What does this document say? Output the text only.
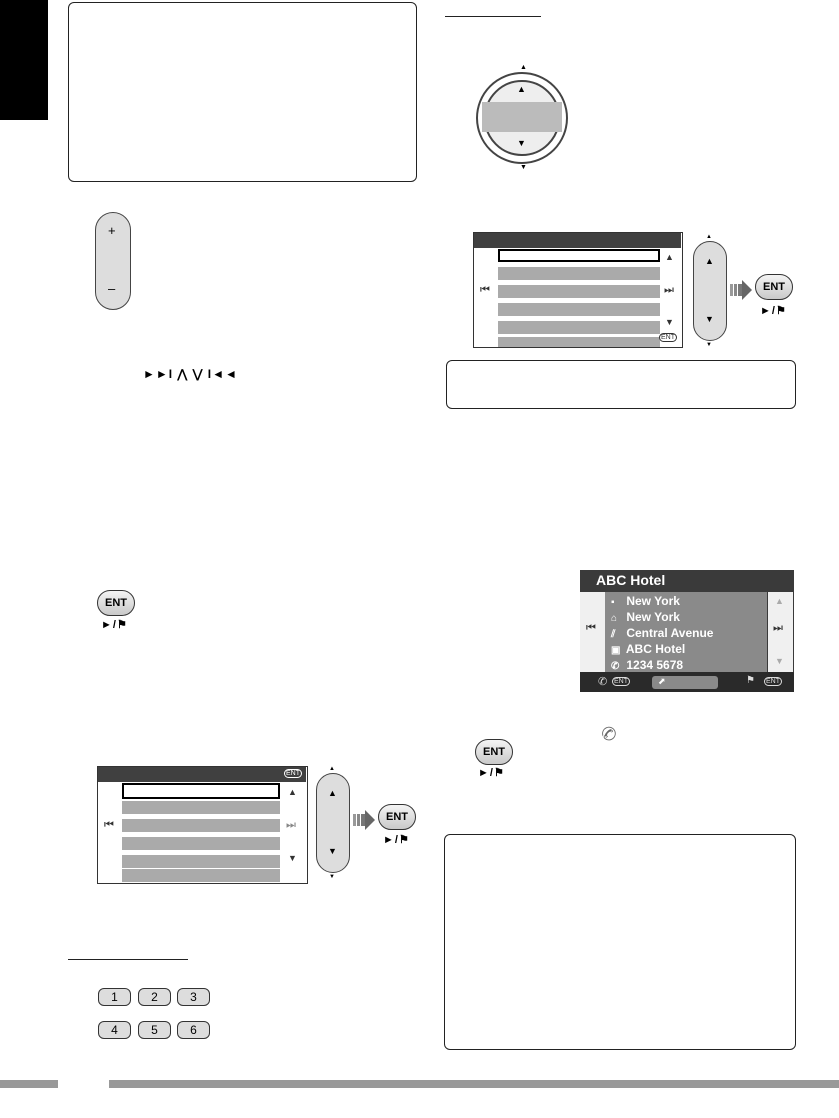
▲
▲
▼
▼
+
–
►►I ⋀ ⋁ I◄◄
⏮
▲
⏭
▼
ENT
▲
▲
▼
▼
ENT
►/⚑
ENT
►/⚑
ABC Hotel
⏮
▪ New York
⌂ New York
⫽ Central Avenue
▣ ABC Hotel
✆ 1234 5678
▲
⏭
▼
✆ ENT	⬈	⚑ ENT
✆
ENT
►/⚑
ENT
⏮
▲
⏭
▼
▲
▲
▼
▼
ENT
►/⚑
1	2	3
4	5	6
